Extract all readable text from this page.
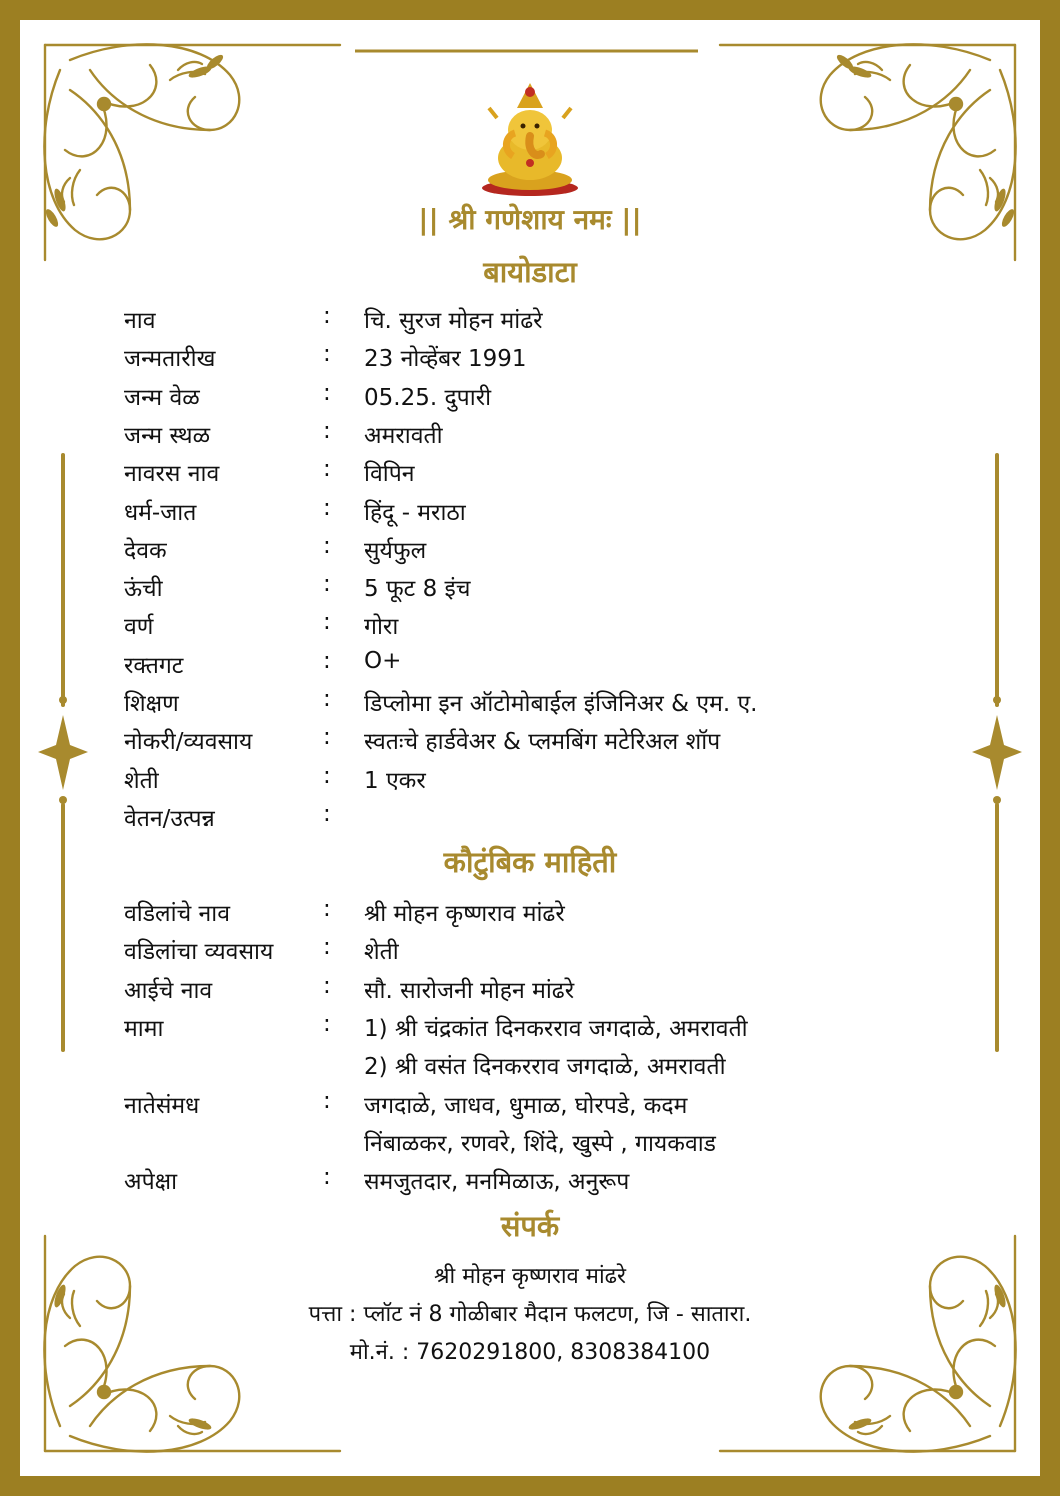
|| श्री गणेशाय नमः ||
बायोडाटा
नाव	: चि. सुरज मोहन मांढरे
जन्मतारीख	: 23 नोव्हेंबर 1991
जन्म वेळ	: 05.25. दुपारी
जन्म स्थळ	: अमरावती
नावरस नाव	: विपिन
धर्म-जात	: हिंदू - मराठा
देवक	: सुर्यफुल
ऊंची	: 5 फूट 8 इंच
वर्ण	: गोरा
रक्तगट	: O+
शिक्षण	: डिप्लोमा इन ऑटोमोबाईल इंजिनिअर & एम. ए.
नोकरी/व्यवसाय	: स्वतःचे हार्डवेअर & प्लमबिंग मटेरिअल शॉप
शेती	: 1 एकर
वेतन/उत्पन्न	:
कौटुंबिक माहिती
वडिलांचे नाव	: श्री मोहन कृष्णराव मांढरे
वडिलांचा व्यवसाय : शेती
आईचे नाव	: सौ. सारोजनी मोहन मांढरे
मामा	: 1) श्री चंद्रकांत दिनकरराव जगदाळे, अमरावती
2) श्री वसंत दिनकरराव जगदाळे, अमरावती
नातेसंमध	: जगदाळे, जाधव, धुमाळ, घोरपडे, कदम
निंबाळकर, रणवरे, शिंदे, खुस्पे , गायकवाड
अपेक्षा	: समजुतदार, मनमिळाऊ, अनुरूप
संपर्क
श्री मोहन कृष्णराव मांढरे
पत्ता : प्लॉट नं 8 गोळीबार मैदान फलटण, जि - सातारा.
मो.नं. : 7620291800, 8308384100
